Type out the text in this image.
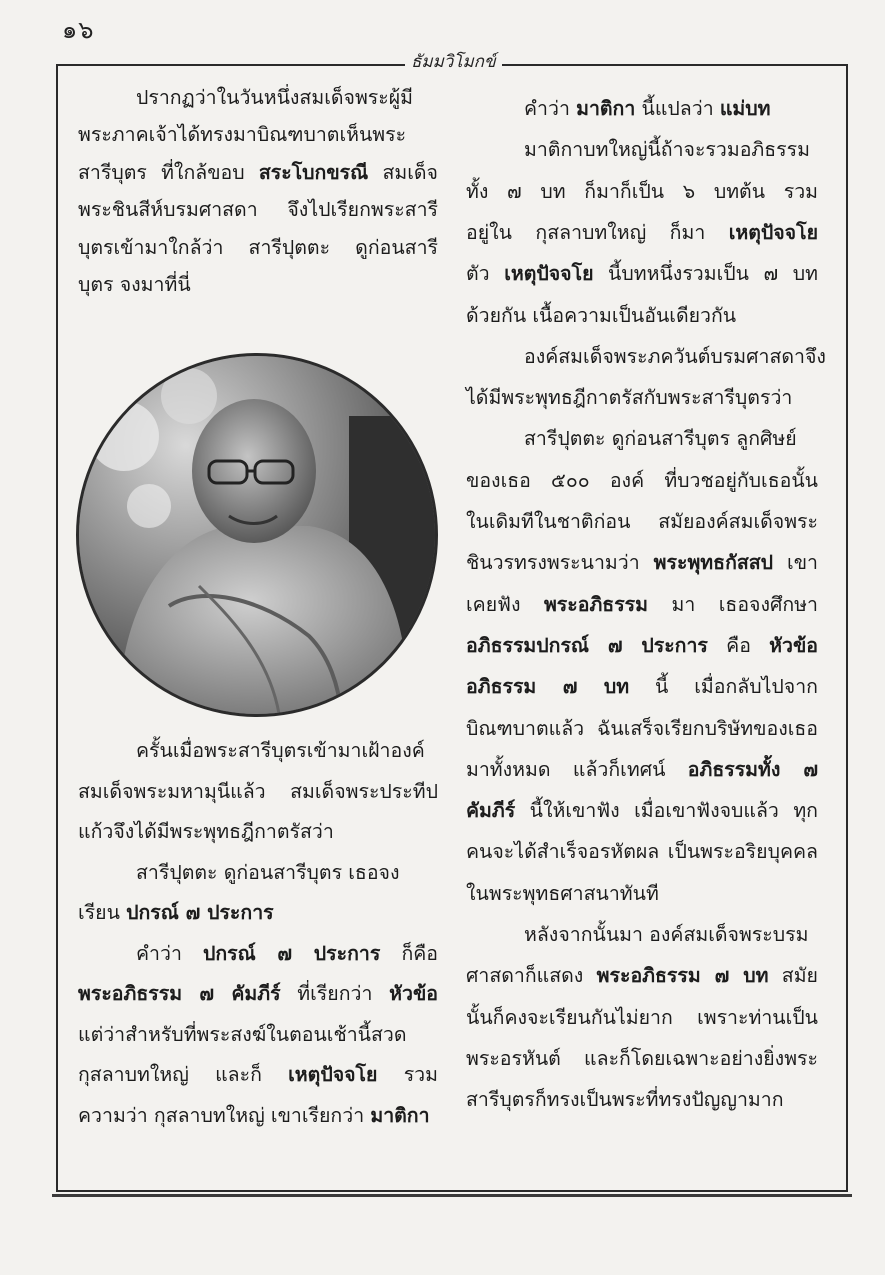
๑๖
ธัมมวิโมกข์
ปรากฏว่าในวันหนึ่งสมเด็จพระผู้มี
พระภาคเจ้าได้ทรงมาบิณฑบาตเห็นพระ
สารีบุตร ที่ใกล้ขอบ สระโบกขรณี สมเด็จ
พระชินสีห์บรมศาสดา จึงไปเรียกพระสารี
บุตรเข้ามาใกล้ว่า สารีปุตตะ ดูก่อนสารี
บุตร จงมาที่นี่
ครั้นเมื่อพระสารีบุตรเข้ามาเฝ้าองค์
สมเด็จพระมหามุนีแล้ว สมเด็จพระประทีป
แก้วจึงได้มีพระพุทธฎีกาตรัสว่า
สารีปุตตะ ดูก่อนสารีบุตร เธอจง
เรียน ปกรณ์ ๗ ประการ
คำว่า ปกรณ์ ๗ ประการ ก็คือ
พระอภิธรรม ๗ คัมภีร์ ที่เรียกว่า หัวข้อ
แต่ว่าสำหรับที่พระสงฆ์ในตอนเช้านี้สวด
กุสลาบทใหญ่ และก็ เหตุปัจจโย รวม
ความว่า กุสลาบทใหญ่ เขาเรียกว่า มาติกา
คำว่า มาติกา นี้แปลว่า แม่บท
มาติกาบทใหญ่นี้ถ้าจะรวมอภิธรรม
ทั้ง ๗ บท ก็มาก็เป็น ๖ บทต้น รวม
อยู่ใน กุสลาบทใหญ่ ก็มา เหตุปัจจโย
ตัว เหตุปัจจโย นี้บทหนึ่งรวมเป็น ๗ บท
ด้วยกัน เนื้อความเป็นอันเดียวกัน
องค์สมเด็จพระภควันต์บรมศาสดาจึง
ได้มีพระพุทธฎีกาตรัสกับพระสารีบุตรว่า
สารีปุตตะ ดูก่อนสารีบุตร ลูกศิษย์
ของเธอ ๕๐๐ องค์ ที่บวชอยู่กับเธอนั้น
ในเดิมทีในชาติก่อน สมัยองค์สมเด็จพระ
ชินวรทรงพระนามว่า พระพุทธกัสสป เขา
เคยฟัง พระอภิธรรม มา เธอจงศึกษา
อภิธรรมปกรณ์ ๗ ประการ คือ หัวข้อ
อภิธรรม ๗ บท นี้ เมื่อกลับไปจาก
บิณฑบาตแล้ว ฉันเสร็จเรียกบริษัทของเธอ
มาทั้งหมด แล้วก็เทศน์ อภิธรรมทั้ง ๗
คัมภีร์ นี้ให้เขาฟัง เมื่อเขาฟังจบแล้ว ทุก
คนจะได้สำเร็จอรหัตผล เป็นพระอริยบุคคล
ในพระพุทธศาสนาทันที
หลังจากนั้นมา องค์สมเด็จพระบรม
ศาสดาก็แสดง พระอภิธรรม ๗ บท สมัย
นั้นก็คงจะเรียนกันไม่ยาก เพราะท่านเป็น
พระอรหันต์ และก็โดยเฉพาะอย่างยิ่งพระ
สารีบุตรก็ทรงเป็นพระที่ทรงปัญญามาก
